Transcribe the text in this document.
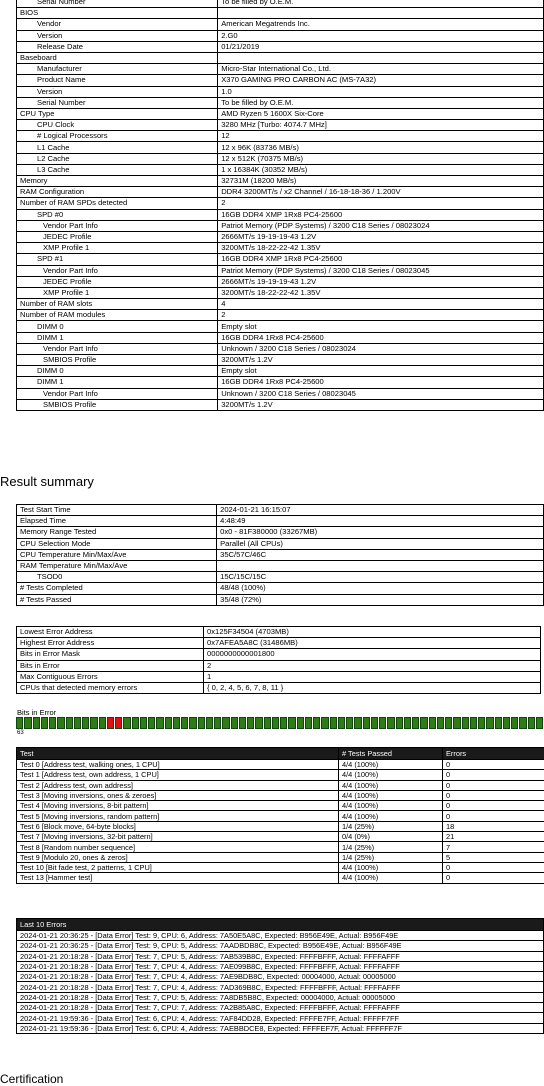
Serial Number	To be filled by O.E.M.
BIOS	
Vendor	American Megatrends Inc.
Version	2.G0
Release Date	01/21/2019
Baseboard	
Manufacturer	Micro-Star International Co., Ltd.
Product Name	X370 GAMING PRO CARBON AC (MS-7A32)
Version	1.0
Serial Number	To be filled by O.E.M.
CPU Type	AMD Ryzen 5 1600X Six-Core
CPU Clock	3280 MHz [Turbo: 4074.7 MHz]
# Logical Processors	12
L1 Cache	12 x 96K (83736 MB/s)
L2 Cache	12 x 512K (70375 MB/s)
L3 Cache	1 x 16384K (30352 MB/s)
Memory	32731M (18200 MB/s)
RAM Configuration	DDR4 3200MT/s / x2 Channel / 16-18-18-36 / 1.200V
Number of RAM SPDs detected	2
SPD #0	16GB DDR4 XMP 1Rx8 PC4-25600
Vendor Part Info	Patriot Memory (PDP Systems) / 3200 C18 Series / 08023024
JEDEC Profile	2666MT/s 19-19-19-43 1.2V
XMP Profile 1	3200MT/s 18-22-22-42 1.35V
SPD #1	16GB DDR4 XMP 1Rx8 PC4-25600
Vendor Part Info	Patriot Memory (PDP Systems) / 3200 C18 Series / 08023045
JEDEC Profile	2666MT/s 19-19-19-43 1.2V
XMP Profile 1	3200MT/s 18-22-22-42 1.35V
Number of RAM slots	4
Number of RAM modules	2
DIMM 0	Empty slot
DIMM 1	16GB DDR4 1Rx8 PC4-25600
Vendor Part Info	Unknown / 3200 C18 Series / 08023024
SMBIOS Profile	3200MT/s 1.2V
DIMM 0	Empty slot
DIMM 1	16GB DDR4 1Rx8 PC4-25600
Vendor Part Info	Unknown / 3200 C18 Series / 08023045
SMBIOS Profile	3200MT/s 1.2V
Result summary
Test Start Time	2024-01-21 16:15:07
Elapsed Time	4:48:49
Memory Range Tested	0x0 - 81F380000 (33267MB)
CPU Selection Mode	Parallel (All CPUs)
CPU Temperature Min/Max/Ave	35C/57C/46C
RAM Temperature Min/Max/Ave	
TSOD0	15C/15C/15C
# Tests Completed	48/48 (100%)
# Tests Passed	35/48 (72%)
Lowest Error Address	0x125F34504 (4703MB)
Highest Error Address	0x7AFEA5A8C (31486MB)
Bits in Error Mask	0000000000001800
Bits in Error	2
Max Contiguous Errors	1
CPUs that detected memory errors	{ 0, 2, 4, 5, 6, 7, 8, 11 }
Bits in Error
63
Test	# Tests Passed	Errors
Test 0 [Address test, walking ones, 1 CPU]	4/4 (100%)	0
Test 1 [Address test, own address, 1 CPU]	4/4 (100%)	0
Test 2 [Address test, own address]	4/4 (100%)	0
Test 3 [Moving inversions, ones & zeroes]	4/4 (100%)	0
Test 4 [Moving inversions, 8-bit pattern]	4/4 (100%)	0
Test 5 [Moving inversions, random pattern]	4/4 (100%)	0
Test 6 [Block move, 64-byte blocks]	1/4 (25%)	18
Test 7 [Moving inversions, 32-bit pattern]	0/4 (0%)	21
Test 8 [Random number sequence]	1/4 (25%)	7
Test 9 [Modulo 20, ones & zeros]	1/4 (25%)	5
Test 10 [Bit fade test, 2 patterns, 1 CPU]	4/4 (100%)	0
Test 13 [Hammer test]	4/4 (100%)	0
Last 10 Errors
2024-01-21 20:36:25 - [Data Error] Test: 9, CPU: 6, Address: 7A50E5A8C, Expected: B956E49E, Actual: B956F49E
2024-01-21 20:36:25 - [Data Error] Test: 9, CPU: 5, Address: 7AADBDB8C, Expected: B956E49E, Actual: B956F49E
2024-01-21 20:18:28 - [Data Error] Test: 7, CPU: 5, Address: 7AB539B8C, Expected: FFFFBFFF, Actual: FFFFAFFF
2024-01-21 20:18:28 - [Data Error] Test: 7, CPU: 4, Address: 7AE099B8C, Expected: FFFFBFFF, Actual: FFFFAFFF
2024-01-21 20:18:28 - [Data Error] Test: 7, CPU: 4, Address: 7AE9BDB8C, Expected: 00004000, Actual: 00005000
2024-01-21 20:18:28 - [Data Error] Test: 7, CPU: 4, Address: 7AD369B8C, Expected: FFFFBFFF, Actual: FFFFAFFF
2024-01-21 20:18:28 - [Data Error] Test: 7, CPU: 5, Address: 7A8DB5B8C, Expected: 00004000, Actual: 00005000
2024-01-21 20:18:28 - [Data Error] Test: 7, CPU: 7, Address: 7A2B85A8C, Expected: FFFFBFFF, Actual: FFFFAFFF
2024-01-21 19:59:36 - [Data Error] Test: 6, CPU: 4, Address: 7AF84DD28, Expected: FFFFE7FF, Actual: FFFFF7FF
2024-01-21 19:59:36 - [Data Error] Test: 6, CPU: 4, Address: 7AEBBDCE8, Expected: FFFFEF7F, Actual: FFFFFF7F
Certification
